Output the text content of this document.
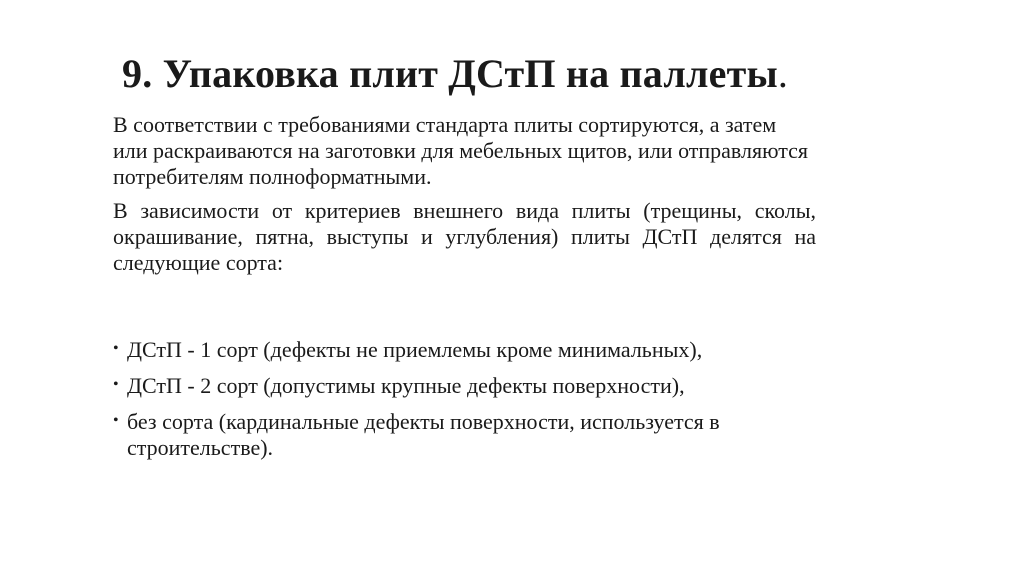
9. Упаковка плит ДСтП на паллеты.

В соответствии с требованиями стандарта плиты сортируются, а затем или раскраиваются на заготовки для мебельных щитов, или отправляются потребителям полноформатными.

В зависимости от критериев внешнего вида плиты (трещины, сколы, окрашивание, пятна, выступы и углубления) плиты ДСтП делятся на следующие сорта:

• ДСтП - 1 сорт (дефекты не приемлемы кроме минимальных),
• ДСтП - 2 сорт (допустимы крупные дефекты поверхности),
• без сорта (кардинальные дефекты поверхности, используется в строительстве).
